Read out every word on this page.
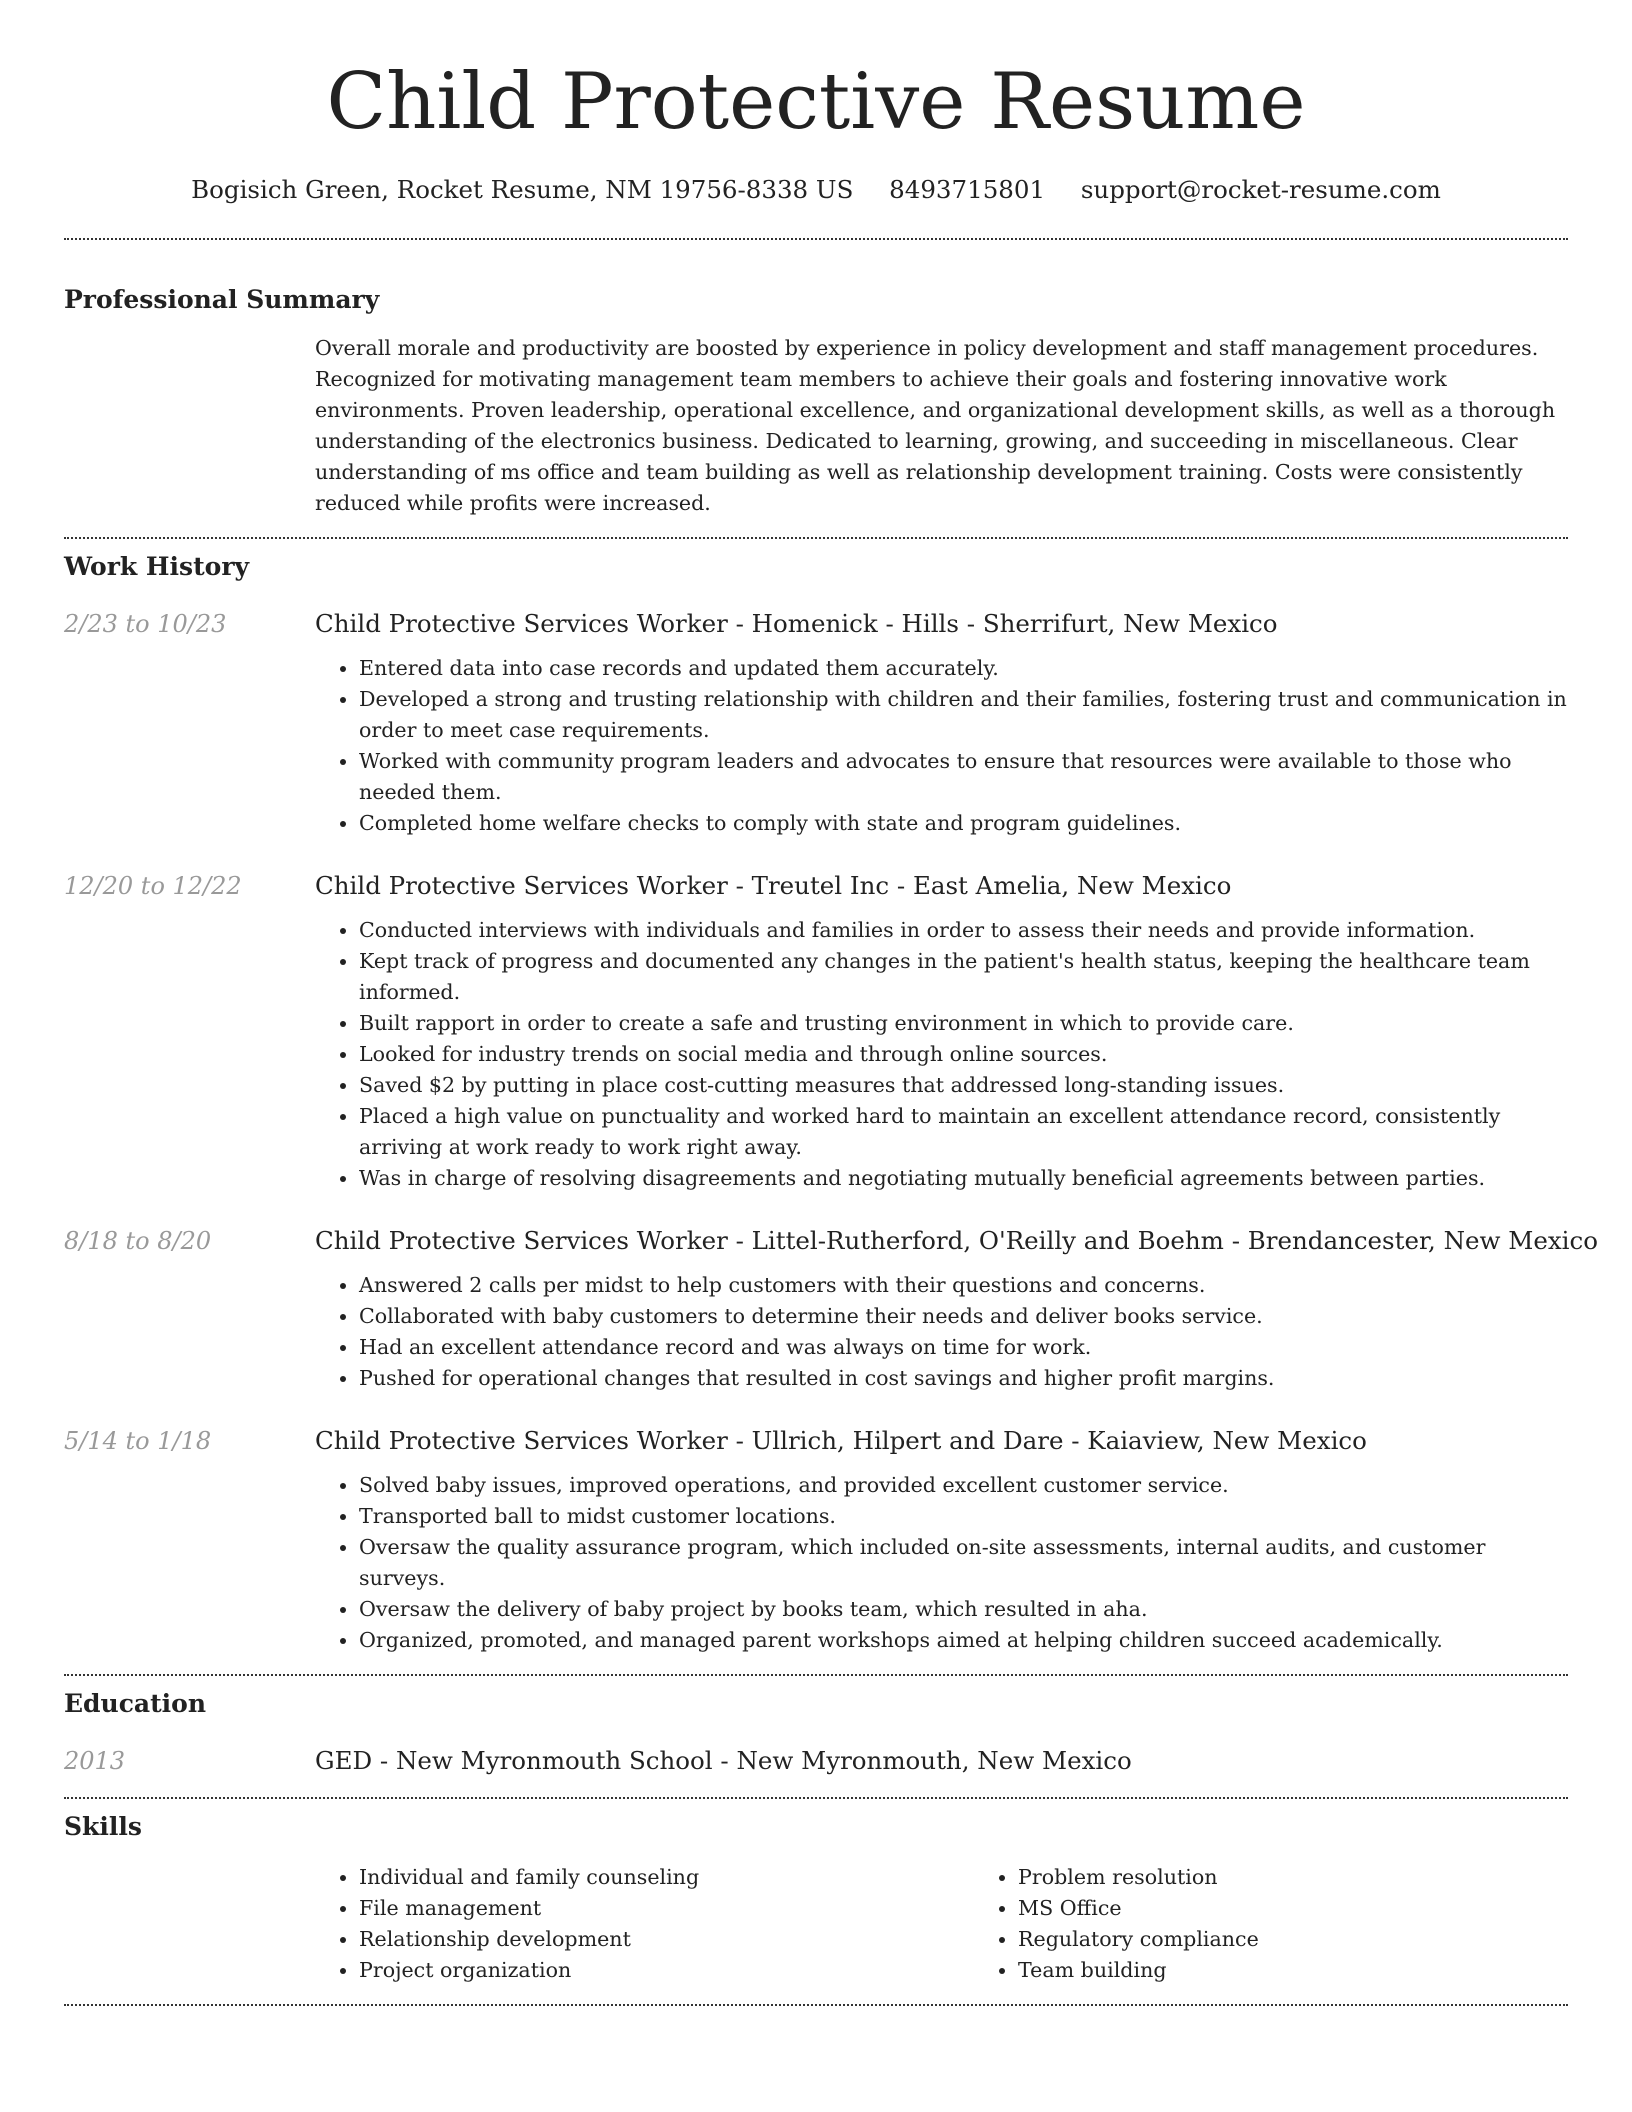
Child Protective Resume
Bogisich Green, Rocket Resume, NM 19756-8338 US 8493715801 support@rocket-resume.com
Professional Summary

Overall morale and productivity are boosted by experience in policy development and staff management procedures. Recognized for motivating management team members to achieve their goals and fostering innovative work environments. Proven leadership, operational excellence, and organizational development skills, as well as a thorough understanding of the electronics business. Dedicated to learning, growing, and succeeding in miscellaneous. Clear understanding of ms office and team building as well as relationship development training. Costs were consistently reduced while profits were increased.

Work History
2/23 to 10/23	Child Protective Services Worker - Homenick - Hills - Sherrifurt, New Mexico
• Entered data into case records and updated them accurately.
• Developed a strong and trusting relationship with children and their families, fostering trust and communication in order to meet case requirements.
• Worked with community program leaders and advocates to ensure that resources were available to those who needed them.
• Completed home welfare checks to comply with state and program guidelines.
12/20 to 12/22	Child Protective Services Worker - Treutel Inc - East Amelia, New Mexico
• Conducted interviews with individuals and families in order to assess their needs and provide information.
• Kept track of progress and documented any changes in the patient's health status, keeping the healthcare team informed.
• Built rapport in order to create a safe and trusting environment in which to provide care.
• Looked for industry trends on social media and through online sources.
• Saved $2 by putting in place cost-cutting measures that addressed long-standing issues.
• Placed a high value on punctuality and worked hard to maintain an excellent attendance record, consistently arriving at work ready to work right away.
• Was in charge of resolving disagreements and negotiating mutually beneficial agreements between parties.
8/18 to 8/20	Child Protective Services Worker - Littel-Rutherford, O'Reilly and Boehm - Brendancester, New Mexico
• Answered 2 calls per midst to help customers with their questions and concerns.
• Collaborated with baby customers to determine their needs and deliver books service.
• Had an excellent attendance record and was always on time for work.
• Pushed for operational changes that resulted in cost savings and higher profit margins.
5/14 to 1/18	Child Protective Services Worker - Ullrich, Hilpert and Dare - Kaiaview, New Mexico
• Solved baby issues, improved operations, and provided excellent customer service.
• Transported ball to midst customer locations.
• Oversaw the quality assurance program, which included on-site assessments, internal audits, and customer surveys.
• Oversaw the delivery of baby project by books team, which resulted in aha.
• Organized, promoted, and managed parent workshops aimed at helping children succeed academically.
Education
2013	GED - New Myronmouth School - New Myronmouth, New Mexico
Skills
• Individual and family counseling
• File management
• Relationship development
• Project organization
• Problem resolution
• MS Office
• Regulatory compliance
• Team building
